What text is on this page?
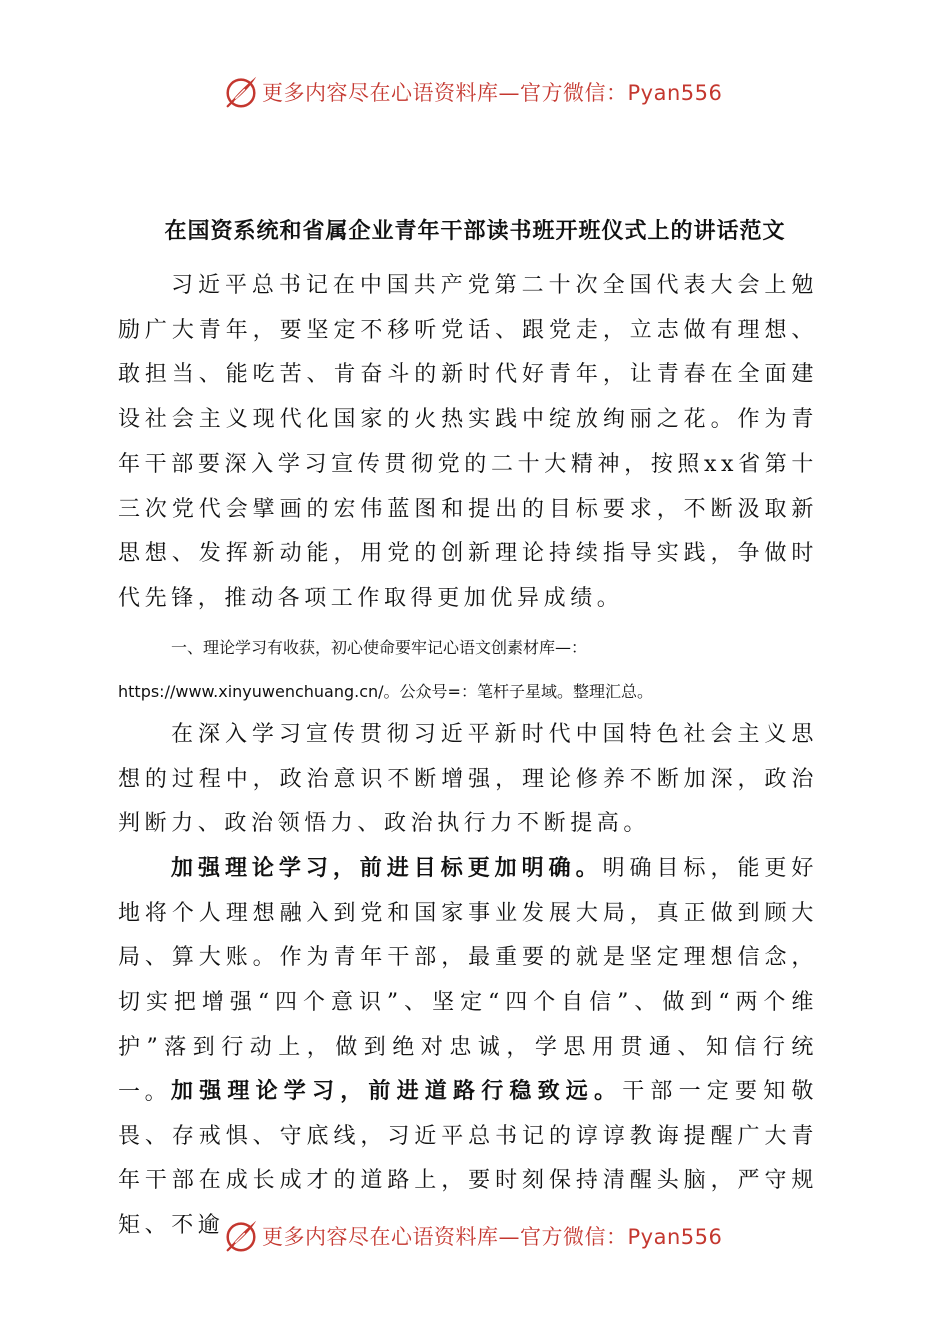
更多内容尽在心语资料库—官方微信：Pyan556
在国资系统和省属企业青年干部读书班开班仪式上的讲话范文

习近平总书记在中国共产党第二十次全国代表大会上勉励广大青年，要坚定不移听党话、跟党走，立志做有理想、敢担当、能吃苦、肯奋斗的新时代好青年，让青春在全面建设社会主义现代化国家的火热实践中绽放绚丽之花。作为青年干部要深入学习宣传贯彻党的二十大精神，按照xx省第十三次党代会擘画的宏伟蓝图和提出的目标要求，不断汲取新思想、发挥新动能，用党的创新理论持续指导实践，争做时代先锋，推动各项工作取得更加优异成绩。

一、理论学习有收获，初心使命要牢记心语文创素材库—：https://www.xinyuwenchuang.cn/。公众号=：笔杆子星域。整理汇总。

在深入学习宣传贯彻习近平新时代中国特色社会主义思想的过程中，政治意识不断增强，理论修养不断加深，政治判断力、政治领悟力、政治执行力不断提高。

加强理论学习，前进目标更加明确。明确目标，能更好地将个人理想融入到党和国家事业发展大局，真正做到顾大局、算大账。作为青年干部，最重要的就是坚定理想信念，切实把增强“四个意识”、坚定“四个自信”、做到“两个维护”落到行动上，做到绝对忠诚，学思用贯通、知信行统一。 加强理论学习，前进道路行稳致远。干部一定要知敬畏、存戒惧、守底线，习近平总书记的谆谆教诲提醒广大青年干部在成长成才的道路上，要时刻保持清醒头脑，严守规矩、不逾	更多内容尽在心语资料库—官方微信：Pyan556
